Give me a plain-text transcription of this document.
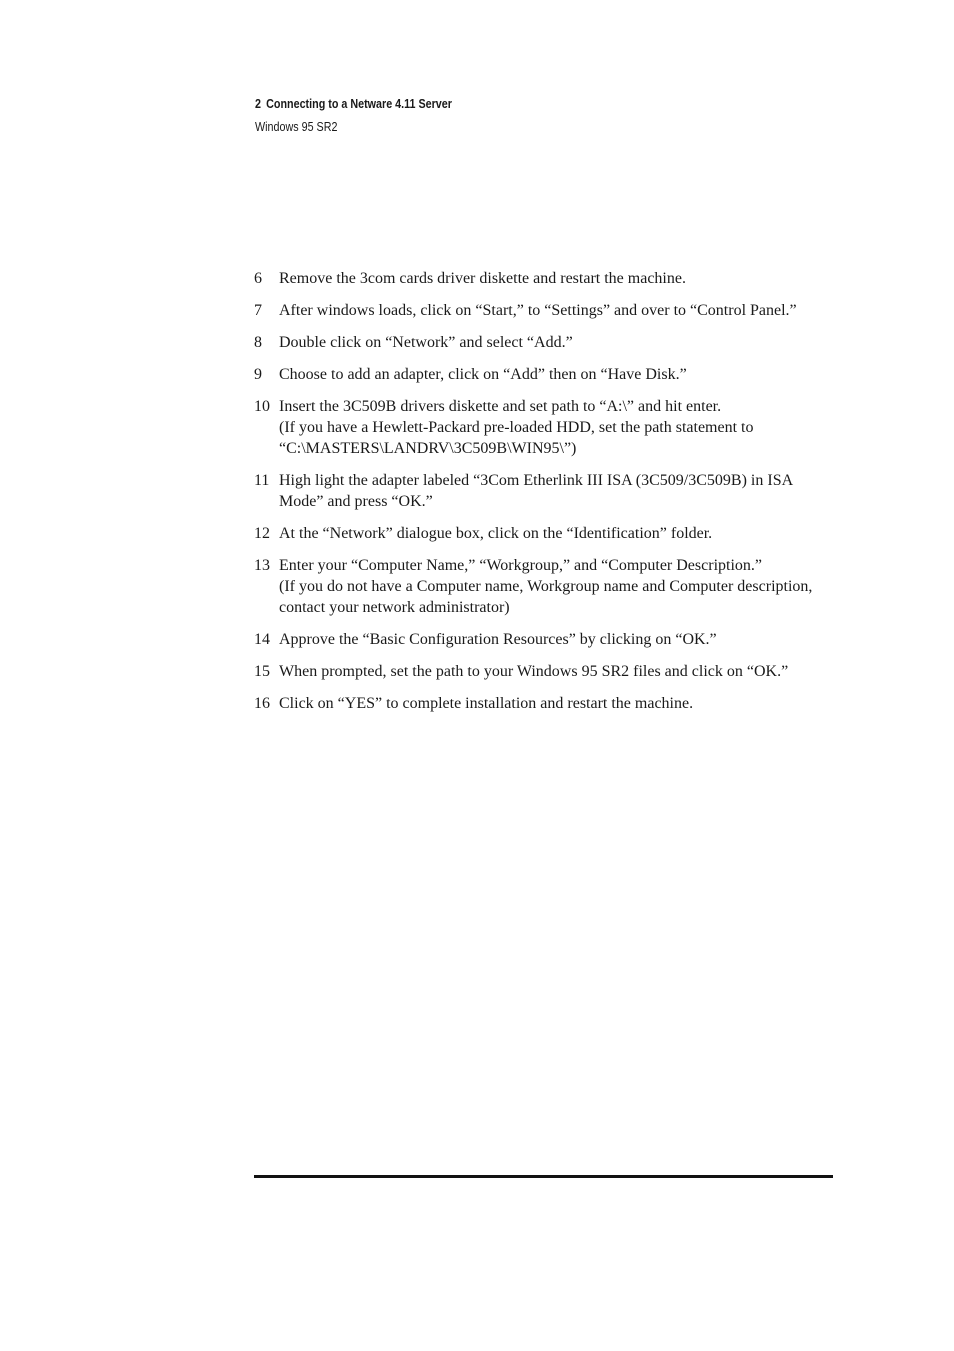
2 Connecting to a Netware 4.11 Server
Windows 95 SR2
6	Remove the 3com cards driver diskette and restart the machine.
7	After windows loads, click on “Start,” to “Settings” and over to “Control Panel.”
8	Double click on “Network” and select “Add.”
9	Choose to add an adapter, click on “Add” then on “Have Disk.”
10 Insert the 3C509B drivers diskette and set path to “A:\” and hit enter.
(If you have a Hewlett-Packard pre-loaded HDD, set the path statement to “C:\MASTERS\LANDRV\3C509B\WIN95\”)
11 High light the adapter labeled “3Com Etherlink III ISA (3C509/3C509B) in ISA Mode” and press “OK.”
12 At the “Network” dialogue box, click on the “Identification” folder.
13 Enter your “Computer Name,” “Workgroup,” and “Computer Description.”
(If you do not have a Computer name, Workgroup name and Computer description, contact your network administrator)
14 Approve the “Basic Configuration Resources” by clicking on “OK.”
15 When prompted, set the path to your Windows 95 SR2 files and click on “OK.”
16 Click on “YES” to complete installation and restart the machine.
